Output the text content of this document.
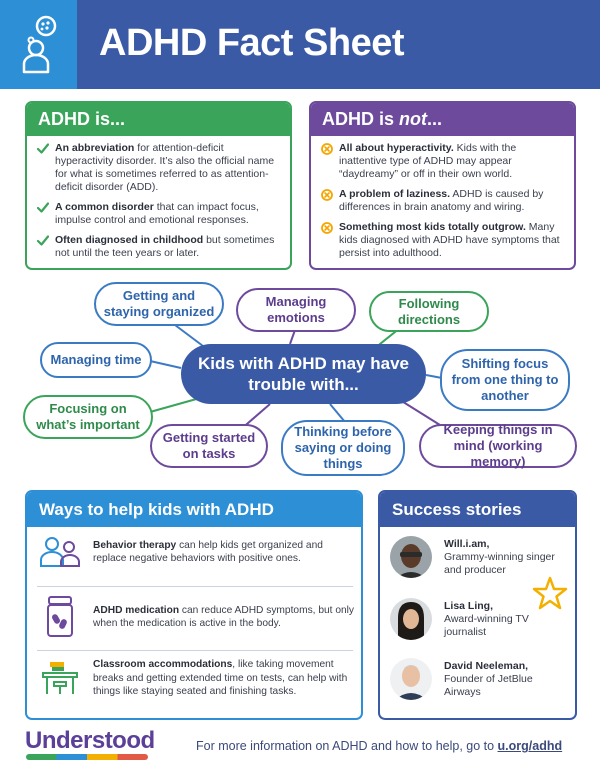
ADHD Fact Sheet
ADHD is...
An abbreviation for attention-deficit hyperactivity disorder. It’s also the official name for what is sometimes referred to as attention-deficit disorder (ADD).
A common disorder that can impact focus, impulse control and emotional responses.
Often diagnosed in childhood but sometimes not until the teen years or later.
ADHD is not...
All about hyperactivity. Kids with the inattentive type of ADHD may appear “daydreamy” or off in their own world.
A problem of laziness. ADHD is caused by differences in brain anatomy and wiring.
Something most kids totally outgrow. Many kids diagnosed with ADHD have symptoms that persist into adulthood.
Kids with ADHD may have trouble with...
Getting and staying organized
Managing emotions
Following directions
Managing time	Shifting focus from one thing to another
Focusing on what’s important
Getting started on tasks
Thinking before saying or doing things
Keeping things in mind (working memory)
Ways to help kids with ADHD

Behavior therapy can help kids get organized and replace negative behaviors with positive ones.

ADHD medication can reduce ADHD symptoms, but only when the medication is active in the body.

Classroom accommodations, like taking movement breaks and getting extended time on tests, can help with things like staying seated and finishing tasks.

Success stories

Will.i.am,
Grammy-winning singer and producer

Lisa Ling,
Award-winning TV journalist

David Neeleman,
Founder of JetBlue Airways

Understood	For more information on ADHD and how to help, go to u.org/adhd
